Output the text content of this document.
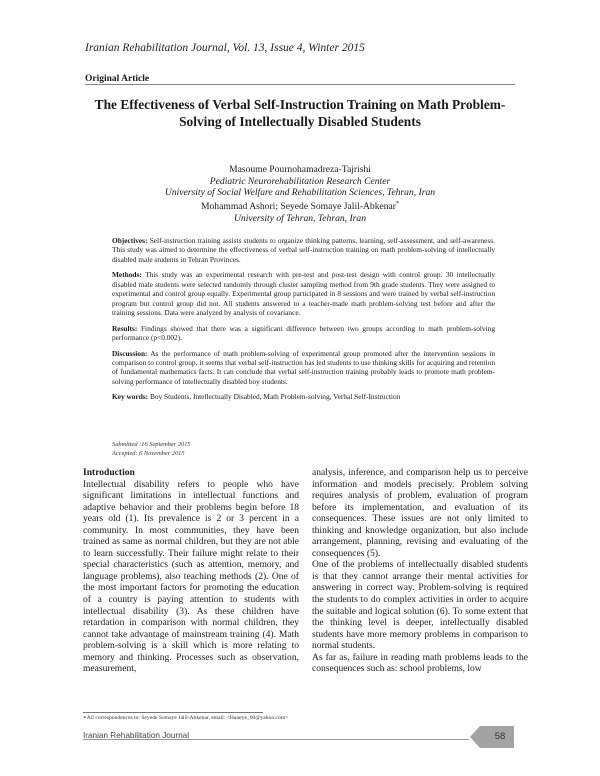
Iranian Rehabilitation Journal, Vol. 13, Issue 4, Winter 2015
Original Article
The Effectiveness of Verbal Self-Instruction Training on Math Problem-Solving of Intellectually Disabled Students
Masoume Pournohamadreza-Tajrishi
Pediatric Neurorehabilitation Research Center
University of Social Welfare and Rehabilitation Sciences, Tehran, Iran
Mohammad Ashori; Seyede Somaye Jalil-Abkenar*
University of Tehran, Tehran, Iran

Objectives: Self-instruction training assists students to organize thinking patterns, learning, self-assessment, and self-awareness. This study was aimed to determine the effectiveness of verbal self-instruction training on math problem-solving of intellectually disabled male students in Tehran Provinces.

Methods: This study was an experimental research with pre-test and post-test design with control group. 30 intellectually disabled male students were selected randomly through cluster sampling method from 9th grade students. They were assigned to experimental and control group equally. Experimental group participated in 8 sessions and were trained by verbal self-instruction program but control group did not. All students answered to a teacher-made math problem-solving test before and after the training sessions. Data were analyzed by analysis of covariance.

Results: Findings showed that there was a significant difference between two groups according to math problem-solving performance (p<0.002).

Discussion: As the performance of math problem-solving of experimental group promoted after the intervention sessions in comparison to control group, it seems that verbal self-instruction has led students to use thinking skills for acquiring and retention of fundamental mathematics facts. It can conclude that verbal self-instruction training probably leads to promote math problem-solving performance of intellectually disabled boy students.

Key words: Boy Students, Intellectually Disabled, Math Problem-solving, Verbal Self-Instruction

Submitted :16 September 2015
Accepted: 6 November 2015
Introduction

Intellectual disability refers to people who have significant limitations in intellectual functions and adaptive behavior and their problems begin before 18 years old (1). Its prevalence is 2 or 3 percent in a community. In most communities, they have been trained as same as normal children, but they are not able to learn successfully. Their failure might relate to their special characteristics (such as attention, memory, and language problems), also teaching methods (2). One of the most important factors for promoting the education of a country is paying attention to students with intellectual disability (3). As these children have retardation in comparison with normal children, they cannot take advantage of mainstream training (4). Math problem-solving is a skill which is more relating to memory and thinking. Processes such as observation, measurement,

analysis, inference, and comparison help us to perceive information and models precisely. Problem solving requires analysis of problem, evaluation of program before its implementation, and evaluation of its consequences. These issues are not only limited to thinking and knowledge organization, but also include arrangement, planning, revising and evaluating of the consequences (5).

One of the problems of intellectually disabled students is that they cannot arrange their mental activities for answering in correct way. Problem-solving is required the students to do complex activities in order to acquire the suitable and logical solution (6). To some extent that the thinking level is deeper, intellectually disabled students have more memory problems in comparison to normal students.

As far as, failure in reading math problems leads to the consequences such as: school problems, low

∗All correspondences to: Seyede Somaye Jalil-Abkenar, email: <Haneye_00@yahoo.com>
Iranian Rehabilitation Journal	58
